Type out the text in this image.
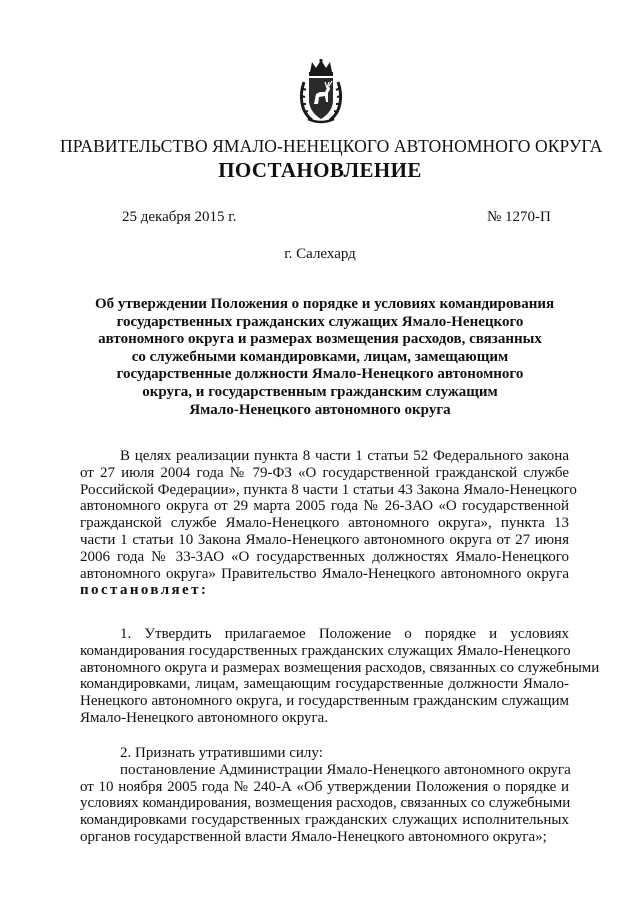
ПРАВИТЕЛЬСТВО ЯМАЛО-НЕНЕЦКОГО АВТОНОМНОГО ОКРУГА
ПОСТАНОВЛЕНИЕ
25 декабря 2015 г.	№ 1270-П
г. Салехард
Об утверждении Положения о порядке и условиях командирования
государственных гражданских служащих Ямало-Ненецкого
автономного округа и размерах возмещения расходов, связанных
со служебными командировками, лицам, замещающим
государственные должности Ямало-Ненецкого автономного
округа, и государственным гражданским служащим
Ямало-Ненецкого автономного округа
В целях реализации пункта 8 части 1 статьи 52 Федерального закона
от 27 июля 2004 года № 79-ФЗ «О государственной гражданской службе
Российской Федерации», пункта 8 части 1 статьи 43 Закона Ямало-Ненецкого
автономного округа от 29 марта 2005 года № 26-ЗАО «О государственной
гражданской службе Ямало-Ненецкого автономного округа», пункта 13
части 1 статьи 10 Закона Ямало-Ненецкого автономного округа от 27 июня
2006 года № 33-ЗАО «О государственных должностях Ямало-Ненецкого
автономного округа» Правительство Ямало-Ненецкого автономного округа
постановляет:
1. Утвердить прилагаемое Положение о порядке и условиях
командирования государственных гражданских служащих Ямало-Ненецкого
автономного округа и размерах возмещения расходов, связанных со служебными
командировками, лицам, замещающим государственные должности Ямало-
Ненецкого автономного округа, и государственным гражданским служащим
Ямало-Ненецкого автономного округа.
2. Признать утратившими силу:
постановление Администрации Ямало-Ненецкого автономного округа
от 10 ноября 2005 года № 240-А «Об утверждении Положения о порядке и
условиях командирования, возмещения расходов, связанных со служебными
командировками государственных гражданских служащих исполнительных
органов государственной власти Ямало-Ненецкого автономного округа»;
